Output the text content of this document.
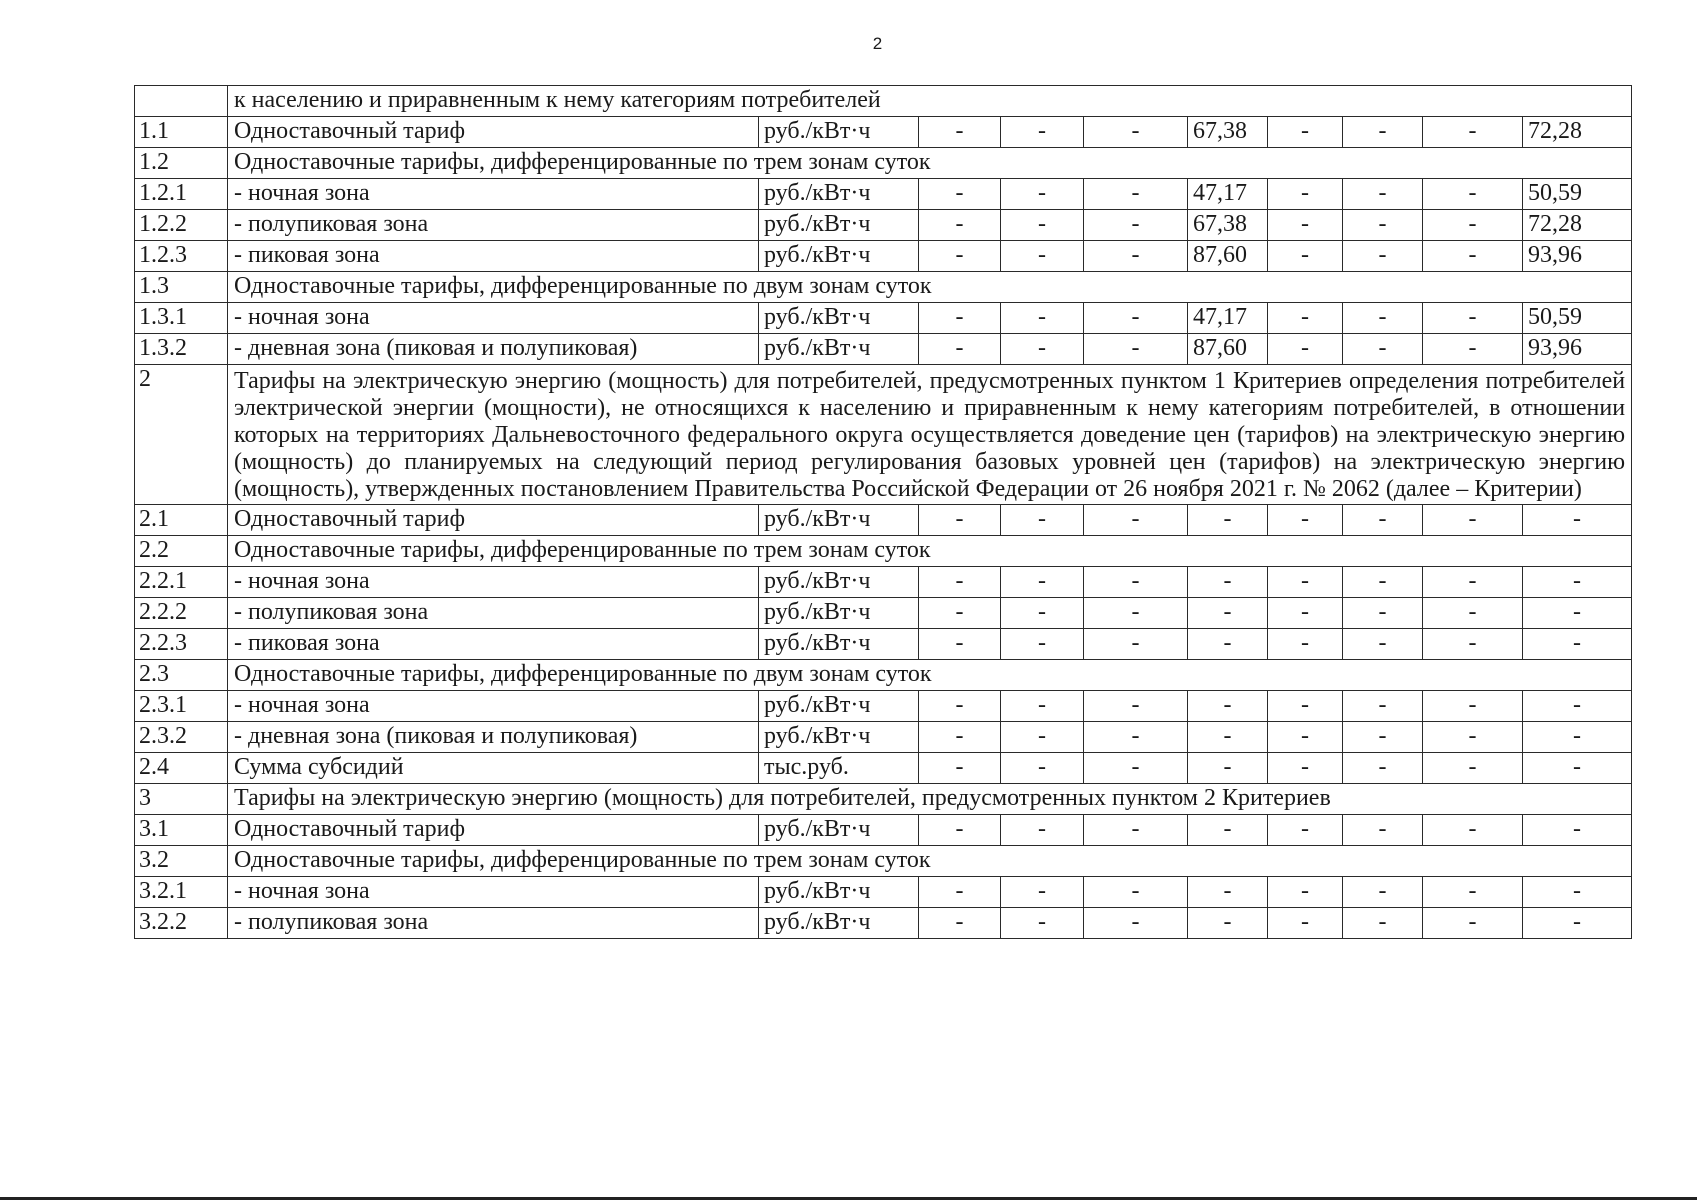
2
	к населению и приравненным к нему категориям потребителей									
1.1	Одноставочный тариф	руб./кВт·ч	-	-	-	67,38	-	-	-	72,28
1.2	Одноставочные тарифы, дифференцированные по трем зонам суток									
1.2.1	- ночная зона	руб./кВт·ч	-	-	-	47,17	-	-	-	50,59
1.2.2	- полупиковая зона	руб./кВт·ч	-	-	-	67,38	-	-	-	72,28
1.2.3	- пиковая зона	руб./кВт·ч	-	-	-	87,60	-	-	-	93,96
1.3	Одноставочные тарифы, дифференцированные по двум зонам суток									
1.3.1	- ночная зона	руб./кВт·ч	-	-	-	47,17	-	-	-	50,59
1.3.2	- дневная зона (пиковая и полупиковая)	руб./кВт·ч	-	-	-	87,60	-	-	-	93,96
2	Тарифы на электрическую энергию (мощность) для потребителей, предусмотренных пунктом 1 Критериев определения потребителей электрической энергии (мощности), не относящихся к населению и приравненным к нему категориям потребителей, в отношении которых на территориях Дальневосточного федерального округа осуществляется доведение цен (тарифов) на электрическую энергию (мощность) до планируемых на следующий период регулирования базовых уровней цен (тарифов) на электрическую энергию (мощность), утвержденных постановлением Правительства Российской Федерации от 26 ноября 2021 г. № 2062 (далее – Критерии)									
2.1	Одноставочный тариф	руб./кВт·ч	-	-	-	-	-	-	-	-
2.2	Одноставочные тарифы, дифференцированные по трем зонам суток									
2.2.1	- ночная зона	руб./кВт·ч	-	-	-	-	-	-	-	-
2.2.2	- полупиковая зона	руб./кВт·ч	-	-	-	-	-	-	-	-
2.2.3	- пиковая зона	руб./кВт·ч	-	-	-	-	-	-	-	-
2.3	Одноставочные тарифы, дифференцированные по двум зонам суток									
2.3.1	- ночная зона	руб./кВт·ч	-	-	-	-	-	-	-	-
2.3.2	- дневная зона (пиковая и полупиковая)	руб./кВт·ч	-	-	-	-	-	-	-	-
2.4	Сумма субсидий	тыс.руб.	-	-	-	-	-	-	-	-
3	Тарифы на электрическую энергию (мощность) для потребителей, предусмотренных пунктом 2 Критериев									
3.1	Одноставочный тариф	руб./кВт·ч	-	-	-	-	-	-	-	-
3.2	Одноставочные тарифы, дифференцированные по трем зонам суток									
3.2.1	- ночная зона	руб./кВт·ч	-	-	-	-	-	-	-	-
3.2.2	- полупиковая зона	руб./кВт·ч	-	-	-	-	-	-	-	-
